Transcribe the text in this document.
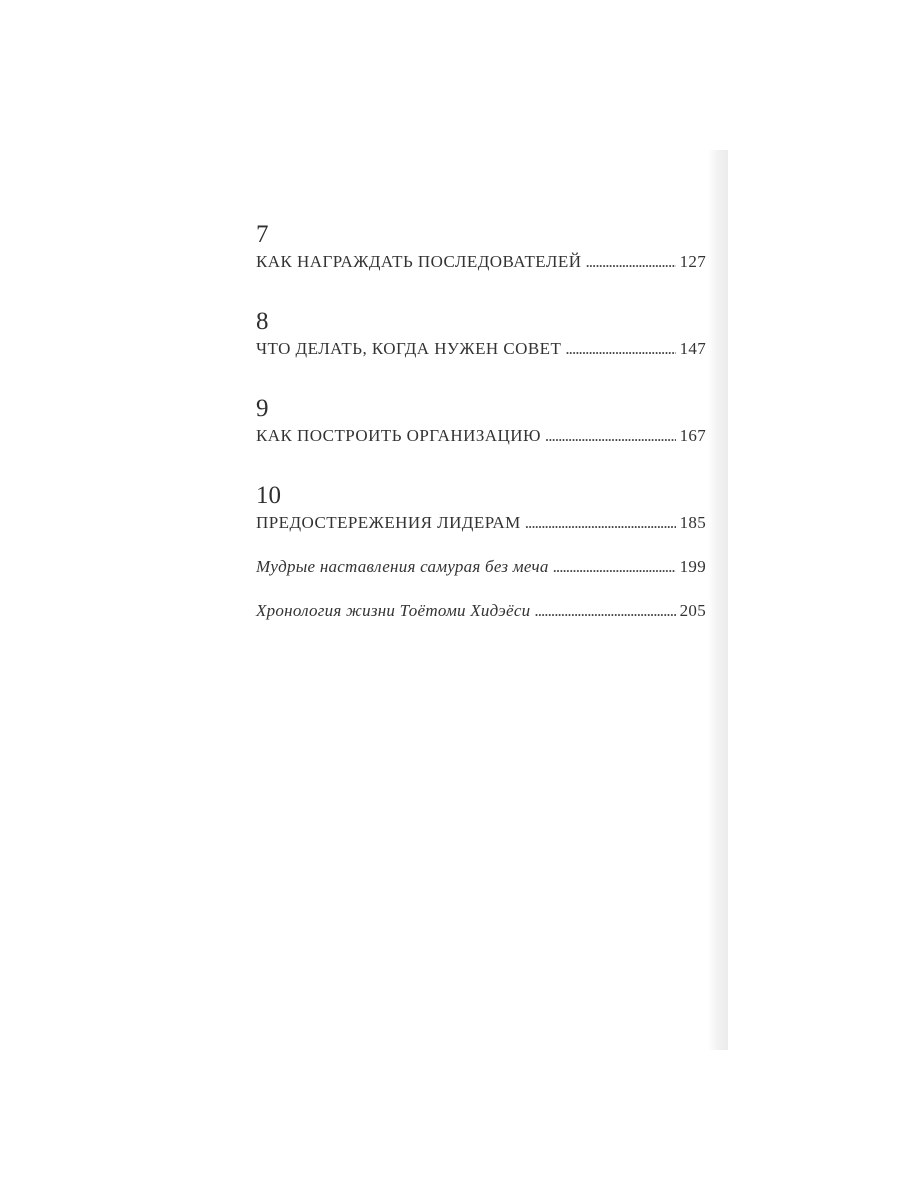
7
КАК НАГРАЖДАТЬ ПОСЛЕДОВАТЕЛЕЙ . . .	127
8
ЧТО ДЕЛАТЬ, КОГДА НУЖЕН СОВЕТ . . .	147
9
КАК ПОСТРОИТЬ ОРГАНИЗАЦИЮ . . .	167
10
ПРЕДОСТЕРЕЖЕНИЯ ЛИДЕРАМ . . .	185
Мудрые наставления самурая без меча . . .	199
Хронология жизни Тоётоми Хидэёси . . .	205
